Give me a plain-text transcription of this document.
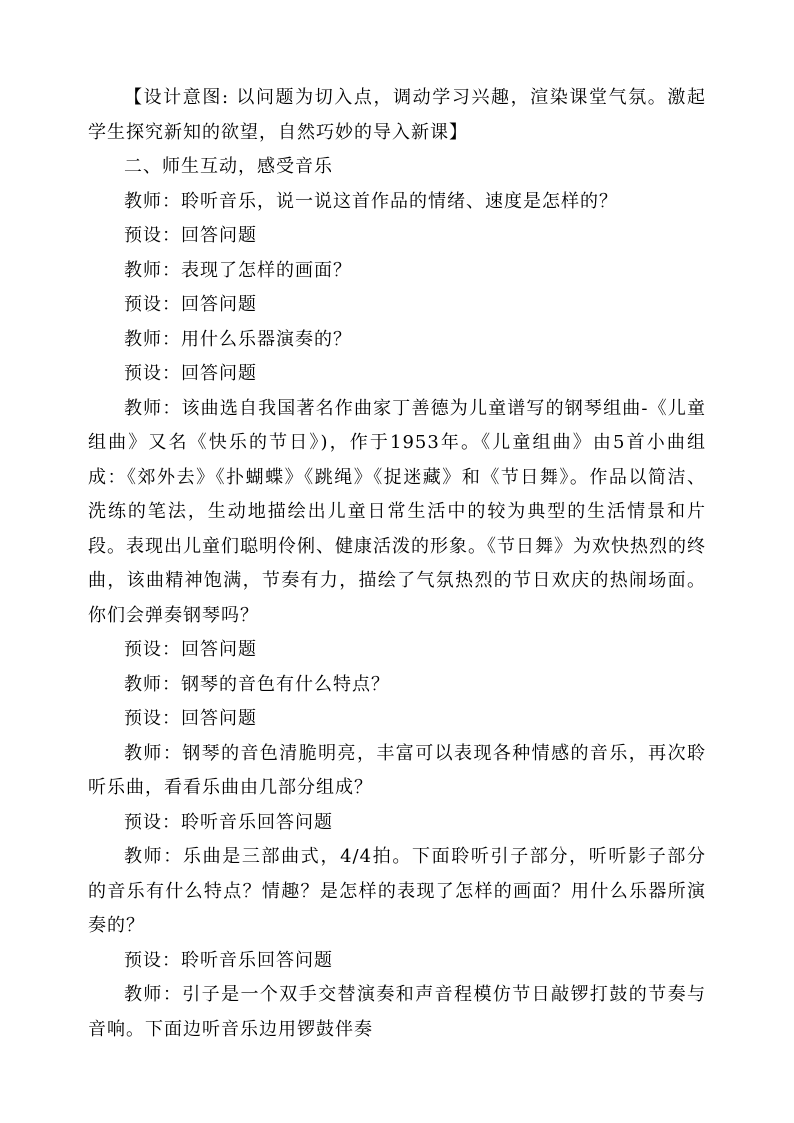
【设计意图: 以问题为切入点，调动学习兴趣，渲染课堂气氛。激起学生探究新知的欲望，自然巧妙的导入新课】

二、师生互动，感受音乐

教师：聆听音乐，说一说这首作品的情绪、速度是怎样的？

预设：回答问题

教师：表现了怎样的画面？

预设：回答问题

教师：用什么乐器演奏的？

预设：回答问题

教师：该曲选自我国著名作曲家丁善德为儿童谱写的钢琴组曲-《儿童组曲》又名《快乐的节日》)，作于1953年。《儿童组曲》由5首小曲组成：《郊外去》《扑蝴蝶》《跳绳》《捉迷藏》和《节日舞》。作品以简洁、洗练的笔法，生动地描绘出儿童日常生活中的较为典型的生活情景和片段。表现出儿童们聪明伶俐、健康活泼的形象。《节日舞》为欢快热烈的终曲，该曲精神饱满，节奏有力，描绘了气氛热烈的节日欢庆的热闹场面。你们会弹奏钢琴吗？

预设：回答问题

教师：钢琴的音色有什么特点？

预设：回答问题

教师：钢琴的音色清脆明亮，丰富可以表现各种情感的音乐，再次聆听乐曲，看看乐曲由几部分组成？

预设：聆听音乐回答问题

教师：乐曲是三部曲式，4/4拍。下面聆听引子部分，听听影子部分的音乐有什么特点？情趣？是怎样的表现了怎样的画面？用什么乐器所演奏的？

预设：聆听音乐回答问题

教师：引子是一个双手交替演奏和声音程模仿节日敲锣打鼓的节奏与音响。下面边听音乐边用锣鼓伴奏
